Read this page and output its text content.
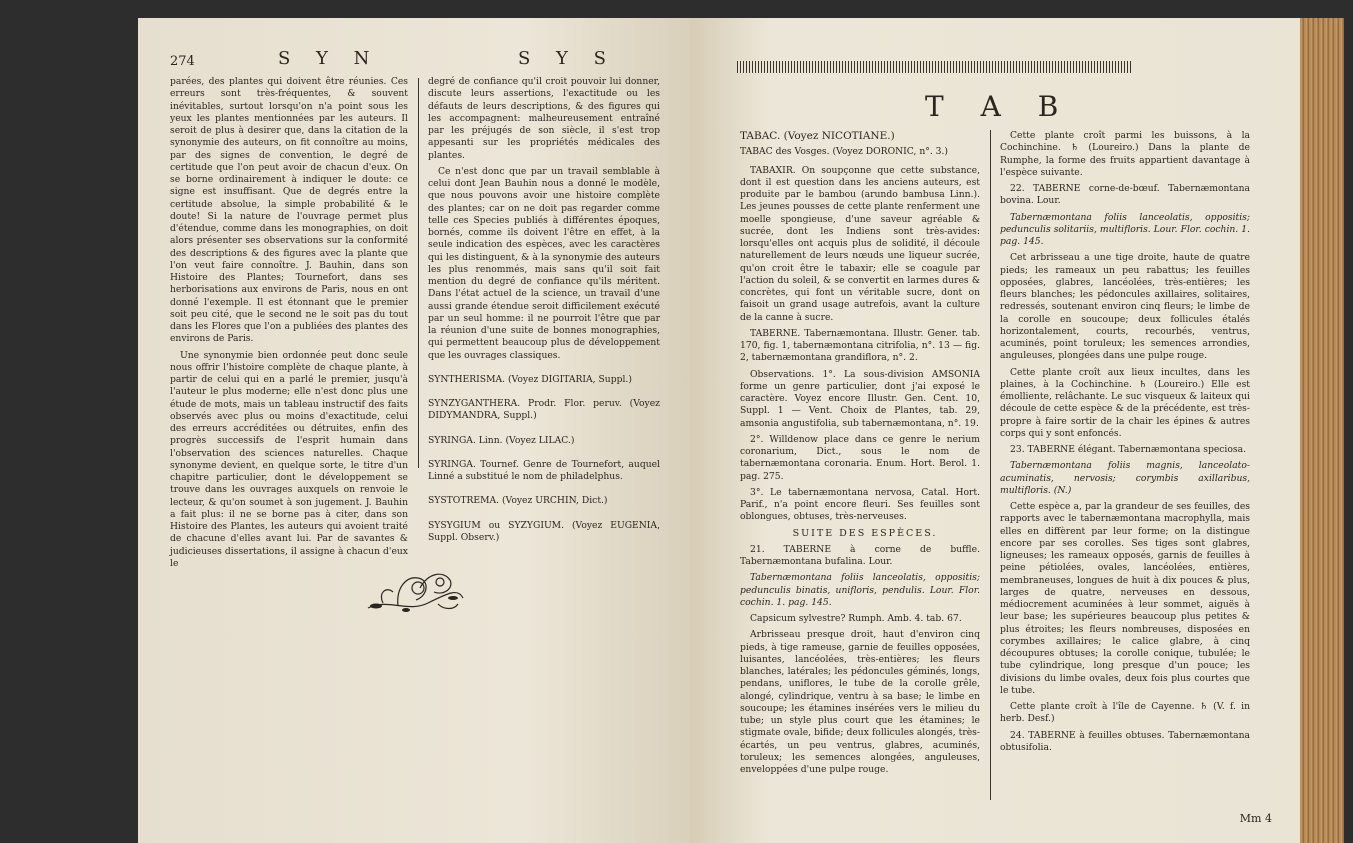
274	S Y N	S Y S

parées, des plantes qui doivent être réunies. Ces erreurs sont très-fréquentes, & souvent inévitables, surtout lorsqu'on n'a point sous les yeux les plantes mentionnées par les auteurs. Il seroit de plus à desirer que, dans la citation de la synonymie des auteurs, on fit connoître au moins, par des signes de convention, le degré de certitude que l'on peut avoir de chacun d'eux. On se borne ordinairement à indiquer le doute: ce signe est insuffisant. Que de degrés entre la certitude absolue, la simple probabilité & le doute! Si la nature de l'ouvrage permet plus d'étendue, comme dans les monographies, on doit alors présenter ses observations sur la conformité des descriptions & des figures avec la plante que l'on veut faire connoître. J. Bauhin, dans son Histoire des Plantes; Tournefort, dans ses herborisations aux environs de Paris, nous en ont donné l'exemple. Il est étonnant que le premier soit peu cité, que le second ne le soit pas du tout dans les Flores que l'on a publiées des plantes des environs de Paris.

Une synonymie bien ordonnée peut donc seule nous offrir l'histoire complète de chaque plante, à partir de celui qui en a parlé le premier, jusqu'à l'auteur le plus moderne; elle n'est donc plus une étude de mots, mais un tableau instructif des faits observés avec plus ou moins d'exactitude, celui des erreurs accréditées ou détruites, enfin des progrès successifs de l'esprit humain dans l'observation des sciences naturelles. Chaque synonyme devient, en quelque sorte, le titre d'un chapitre particulier, dont le développement se trouve dans les ouvrages auxquels on renvoie le lecteur, & qu'on soumet à son jugement. J. Bauhin a fait plus: il ne se borne pas à citer, dans son Histoire des Plantes, les auteurs qui avoient traité de chacune d'elles avant lui. Par de savantes & judicieuses dissertations, il assigne à chacun d'eux le

degré de confiance qu'il croit pouvoir lui donner, discute leurs assertions, l'exactitude ou les défauts de leurs descriptions, & des figures qui les accompagnent: malheureusement entraîné par les préjugés de son siècle, il s'est trop appesanti sur les propriétés médicales des plantes.

Ce n'est donc que par un travail semblable à celui dont Jean Bauhin nous a donné le modèle, que nous pouvons avoir une histoire complète des plantes; car on ne doit pas regarder comme telle ces Species publiés à différentes époques, bornés, comme ils doivent l'être en effet, à la seule indication des espèces, avec les caractères qui les distinguent, & à la synonymie des auteurs les plus renommés, mais sans qu'il soit fait mention du degré de confiance qu'ils méritent. Dans l'état actuel de la science, un travail d'une aussi grande étendue seroit difficilement exécuté par un seul homme: il ne pourroit l'être que par la réunion d'une suite de bonnes monographies, qui permettent beaucoup plus de développement que les ouvrages classiques.

SYNTHERISMA. (Voyez DIGITARIA, Suppl.)

SYNZYGANTHERA. Prodr. Flor. peruv. (Voyez DIDYMANDRA, Suppl.)

SYRINGA. Linn. (Voyez LILAC.)

SYRINGA. Tournef. Genre de Tournefort, auquel Linné a substitué le nom de philadelphus.

SYSTOTREMA. (Voyez URCHIN, Dict.)

SYSYGIUM ou SYZYGIUM. (Voyez EUGENIA, Suppl. Observ.)

T A B

TABAC. (Voyez NICOTIANE.)

TABAC des Vosges. (Voyez DORONIC, n°. 3.)

TABAXIR. On soupçonne que cette substance, dont il est question dans les anciens auteurs, est produite par le bambou (arundo bambusa Linn.). Les jeunes pousses de cette plante renferment une moelle spongieuse, d'une saveur agréable & sucrée, dont les Indiens sont très-avides: lorsqu'elles ont acquis plus de solidité, il découle naturellement de leurs nœuds une liqueur sucrée, qu'on croit être le tabaxir; elle se coagule par l'action du soleil, & se convertit en larmes dures & concrètes, qui font un véritable sucre, dont on faisoit un grand usage autrefois, avant la culture de la canne à sucre.

TABERNE. Tabernæmontana. Illustr. Gener. tab. 170, fig. 1, tabernæmontana citrifolia, n°. 13 — fig. 2, tabernæmontana grandiflora, n°. 2.

Observations. 1°. La sous-division AMSONIA forme un genre particulier, dont j'ai exposé le caractère. Voyez encore Illustr. Gen. Cent. 10, Suppl. 1 — Vent. Choix de Plantes, tab. 29, amsonia angustifolia, sub tabernæmontana, n°. 19.

2°. Willdenow place dans ce genre le nerium coronarium, Dict., sous le nom de tabernæmontana coronaria. Enum. Hort. Berol. 1. pag. 275.

3°. Le tabernæmontana nervosa, Catal. Hort. Parif., n'a point encore fleuri. Ses feuilles sont oblongues, obtuses, très-nerveuses.

SUITE DES ESPÈCES.

21. TABERNE à corne de buffle. Tabernæmontana bufalina. Lour.

Tabernæmontana foliis lanceolatis, oppositis; pedunculis binatis, unifloris, pendulis. Lour. Flor. cochin. 1. pag. 145.

Capsicum sylvestre? Rumph. Amb. 4. tab. 67.

Arbrisseau presque droit, haut d'environ cinq pieds, à tige rameuse, garnie de feuilles opposées, luisantes, lancéolées, très-entières; les fleurs blanches, latérales; les pédoncules géminés, longs, pendans, uniflores, le tube de la corolle grêle, alongé, cylindrique, ventru à sa base; le limbe en soucoupe; les étamines insérées vers le milieu du tube; un style plus court que les étamines; le stigmate ovale, bifide; deux follicules alongés, très-écartés, un peu ventrus, glabres, acuminés, toruleux; les semences alongées, anguleuses, enveloppées d'une pulpe rouge.

Cette plante croît parmi les buissons, à la Cochinchine. ♄ (Loureiro.) Dans la plante de Rumphe, la forme des fruits appartient davantage à l'espèce suivante.

22. TABERNE corne-de-bœuf. Tabernæmontana bovina. Lour.

Tabernæmontana foliis lanceolatis, oppositis; pedunculis solitariis, multifloris. Lour. Flor. cochin. 1. pag. 145.

Cet arbrisseau a une tige droite, haute de quatre pieds; les rameaux un peu rabattus; les feuilles opposées, glabres, lancéolées, très-entières; les fleurs blanches; les pédoncules axillaires, solitaires, redressés, soutenant environ cinq fleurs; le limbe de la corolle en soucoupe; deux follicules étalés horizontalement, courts, recourbés, ventrus, acuminés, point toruleux; les semences arrondies, anguleuses, plongées dans une pulpe rouge.

Cette plante croît aux lieux incultes, dans les plaines, à la Cochinchine. ♄ (Loureiro.) Elle est émolliente, relâchante. Le suc visqueux & laiteux qui découle de cette espèce & de la précédente, est très-propre à faire sortir de la chair les épines & autres corps qui y sont enfoncés.

23. TABERNE élégant. Tabernæmontana speciosa.

Tabernæmontana foliis magnis, lanceolato-acuminatis, nervosis; corymbis axillaribus, multifloris. (N.)

Cette espèce a, par la grandeur de ses feuilles, des rapports avec le tabernæmontana macrophylla, mais elles en diffèrent par leur forme; on la distingue encore par ses corolles. Ses tiges sont glabres, ligneuses; les rameaux opposés, garnis de feuilles à peine pétiolées, ovales, lancéolées, entières, membraneuses, longues de huit à dix pouces & plus, larges de quatre, nerveuses en dessous, médiocrement acuminées à leur sommet, aiguës à leur base; les supérieures beaucoup plus petites & plus étroites; les fleurs nombreuses, disposées en corymbes axillaires; le calice glabre, à cinq découpures obtuses; la corolle conique, tubulée; le tube cylindrique, long presque d'un pouce; les divisions du limbe ovales, deux fois plus courtes que le tube.

Cette plante croît à l'île de Cayenne. ♄ (V. f. in herb. Desf.)

24. TABERNE à feuilles obtuses. Tabernæmontana obtusifolia.

Mm 4
